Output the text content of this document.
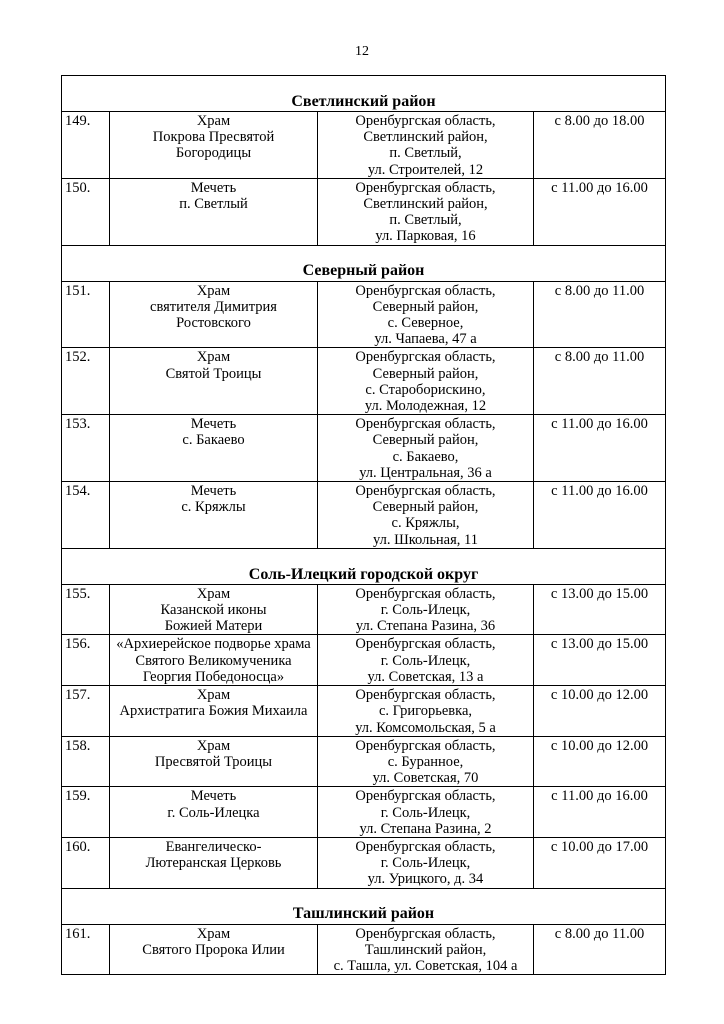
12
Светлинский район			
149.	Храм
Покрова Пресвятой
Богородицы	Оренбургская область,
Светлинский район,
п. Светлый,
ул. Строителей, 12	с 8.00 до 18.00
150.	Мечеть
п. Светлый	Оренбургская область,
Светлинский район,
п. Светлый,
ул. Парковая, 16	с 11.00 до 16.00
Северный район			
151.	Храм
святителя Димитрия
Ростовского	Оренбургская область,
Северный район,
с. Северное,
ул. Чапаева, 47 а	с 8.00 до 11.00
152.	Храм
Святой Троицы	Оренбургская область,
Северный район,
с. Староборискино,
ул. Молодежная, 12	с 8.00 до 11.00
153.	Мечеть
с. Бакаево	Оренбургская область,
Северный район,
с. Бакаево,
ул. Центральная, 36 а	с 11.00 до 16.00
154.	Мечеть
с. Кряжлы	Оренбургская область,
Северный район,
с. Кряжлы,
ул. Школьная, 11	с 11.00 до 16.00
Соль-Илецкий городской округ			
155.	Храм
Казанской иконы
Божией Матери	Оренбургская область,
г. Соль-Илецк,
ул. Степана Разина, 36	с 13.00 до 15.00
156.	«Архиерейское подворье храма
Святого Великомученика
Георгия Победоносца»	Оренбургская область,
г. Соль-Илецк,
ул. Советская, 13 а	с 13.00 до 15.00
157.	Храм
Архистратига Божия Михаила	Оренбургская область,
с. Григорьевка,
ул. Комсомольская, 5 а	с 10.00 до 12.00
158.	Храм
Пресвятой Троицы	Оренбургская область,
с. Буранное,
ул. Советская, 70	с 10.00 до 12.00
159.	Мечеть
г. Соль-Илецка	Оренбургская область,
г. Соль-Илецк,
ул. Степана Разина, 2	с 11.00 до 16.00
160.	Евангелическо-
Лютеранская Церковь	Оренбургская область,
г. Соль-Илецк,
ул. Урицкого, д. 34	с 10.00 до 17.00
Ташлинский район			
161.	Храм
Святого Пророка Илии	Оренбургская область,
Ташлинский район,
с. Ташла, ул. Советская, 104 а	с 8.00 до 11.00
